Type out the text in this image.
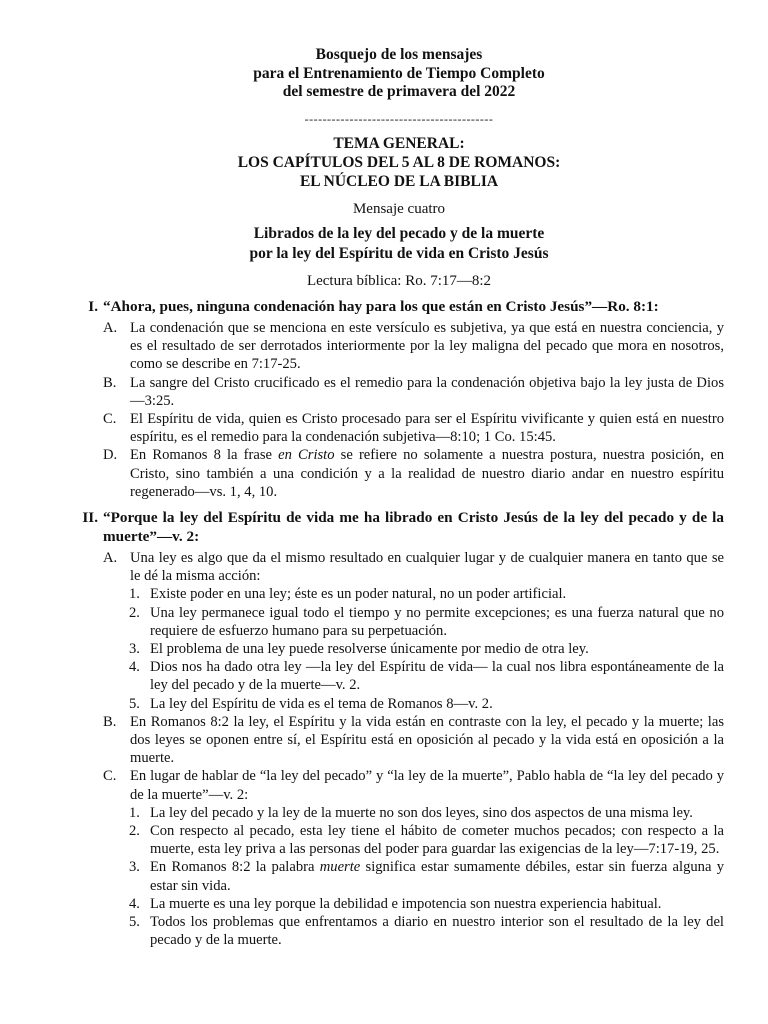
Bosquejo de los mensajes
para el Entrenamiento de Tiempo Completo
del semestre de primavera del 2022
------------------------------------------
TEMA GENERAL:
LOS CAPÍTULOS DEL 5 AL 8 DE ROMANOS:
EL NÚCLEO DE LA BIBLIA
Mensaje cuatro
Librados de la ley del pecado y de la muerte
por la ley del Espíritu de vida en Cristo Jesús
Lectura bíblica: Ro. 7:17—8:2
I. “Ahora, pues, ninguna condenación hay para los que están en Cristo Jesús”—Ro. 8:1:
A. La condenación que se menciona en este versículo es subjetiva, ya que está en nuestra conciencia, y es el resultado de ser derrotados interiormente por la ley maligna del pecado que mora en nosotros, como se describe en 7:17-25.
B. La sangre del Cristo crucificado es el remedio para la condenación objetiva bajo la ley justa de Dios—3:25.
C. El Espíritu de vida, quien es Cristo procesado para ser el Espíritu vivificante y quien está en nuestro espíritu, es el remedio para la condenación subjetiva—8:10; 1 Co. 15:45.
D. En Romanos 8 la frase en Cristo se refiere no solamente a nuestra postura, nuestra posición, en Cristo, sino también a una condición y a la realidad de nuestro diario andar en nuestro espíritu regenerado—vs. 1, 4, 10.
II. “Porque la ley del Espíritu de vida me ha librado en Cristo Jesús de la ley del pecado y de la muerte”—v. 2:
A. Una ley es algo que da el mismo resultado en cualquier lugar y de cualquier manera en tanto que se le dé la misma acción:
1. Existe poder en una ley; éste es un poder natural, no un poder artificial.
2. Una ley permanece igual todo el tiempo y no permite excepciones; es una fuerza natural que no requiere de esfuerzo humano para su perpetuación.
3. El problema de una ley puede resolverse únicamente por medio de otra ley.
4. Dios nos ha dado otra ley —la ley del Espíritu de vida— la cual nos libra espontáneamente de la ley del pecado y de la muerte—v. 2.
5. La ley del Espíritu de vida es el tema de Romanos 8—v. 2.
B. En Romanos 8:2 la ley, el Espíritu y la vida están en contraste con la ley, el pecado y la muerte; las dos leyes se oponen entre sí, el Espíritu está en oposición al pecado y la vida está en oposición a la muerte.
C. En lugar de hablar de “la ley del pecado” y “la ley de la muerte”, Pablo habla de “la ley del pecado y de la muerte”—v. 2:
1. La ley del pecado y la ley de la muerte no son dos leyes, sino dos aspectos de una misma ley.
2. Con respecto al pecado, esta ley tiene el hábito de cometer muchos pecados; con respecto a la muerte, esta ley priva a las personas del poder para guardar las exigencias de la ley—7:17-19, 25.
3. En Romanos 8:2 la palabra muerte significa estar sumamente débiles, estar sin fuerza alguna y estar sin vida.
4. La muerte es una ley porque la debilidad e impotencia son nuestra experiencia habitual.
5. Todos los problemas que enfrentamos a diario en nuestro interior son el resultado de la ley del pecado y de la muerte.
